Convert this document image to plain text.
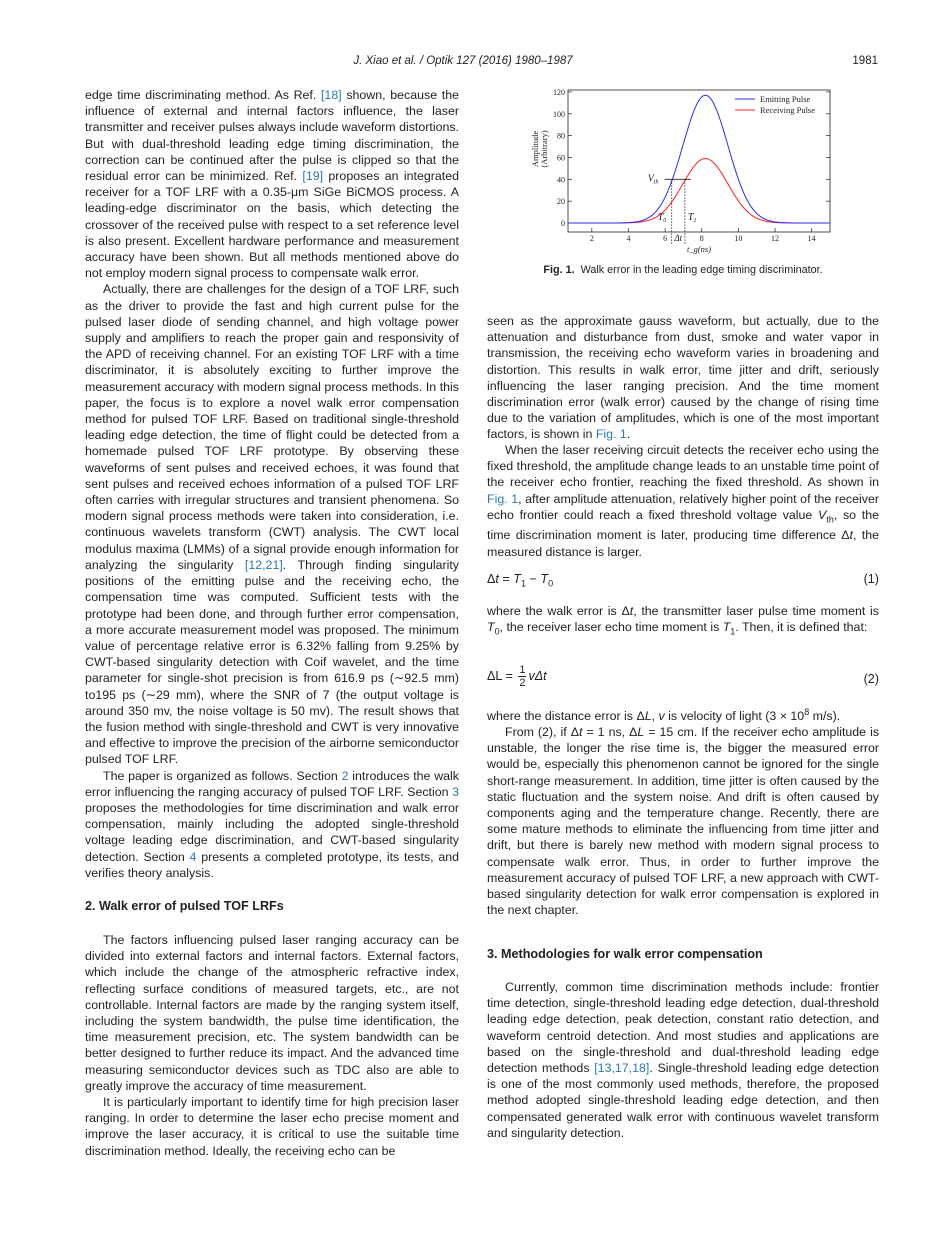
J. Xiao et al. / Optik 127 (2016) 1980–1987	1981

edge time discriminating method. As Ref. [18] shown, because the influence of external and internal factors influence, the laser transmitter and receiver pulses always include waveform distortions. But with dual-threshold leading edge timing discrimination, the correction can be continued after the pulse is clipped so that the residual error can be minimized. Ref. [19] proposes an integrated receiver for a TOF LRF with a 0.35-μm SiGe BiCMOS process. A leading-edge discriminator on the basis, which detecting the crossover of the received pulse with respect to a set reference level is also present. Excellent hardware performance and measurement accuracy have been shown. But all methods mentioned above do not employ modern signal process to compensate walk error.

Actually, there are challenges for the design of a TOF LRF, such as the driver to provide the fast and high current pulse for the pulsed laser diode of sending channel, and high voltage power supply and amplifiers to reach the proper gain and responsivity of the APD of receiving channel. For an existing TOF LRF with a time discriminator, it is absolutely exciting to further improve the measurement accuracy with modern signal process methods. In this paper, the focus is to explore a novel walk error compensation method for pulsed TOF LRF. Based on traditional single-threshold leading edge detection, the time of flight could be detected from a homemade pulsed TOF LRF prototype. By observing these waveforms of sent pulses and received echoes, it was found that sent pulses and received echoes information of a pulsed TOF LRF often carries with irregular structures and transient phenomena. So modern signal process methods were taken into consideration, i.e. continuous wavelets transform (CWT) analysis. The CWT local modulus maxima (LMMs) of a signal provide enough information for analyzing the singularity [12,21]. Through finding singularity positions of the emitting pulse and the receiving echo, the compensation time was computed. Sufficient tests with the prototype had been done, and through further error compensation, a more accurate measurement model was proposed. The minimum value of percentage relative error is 6.32% falling from 9.25% by CWT-based singularity detection with Coif wavelet, and the time parameter for single-shot precision is from 616.9 ps (∼92.5 mm) to195 ps (∼29 mm), where the SNR of 7 (the output voltage is around 350 mv, the noise voltage is 50 mv). The result shows that the fusion method with single-threshold and CWT is very innovative and effective to improve the precision of the airborne semiconductor pulsed TOF LRF.

The paper is organized as follows. Section 2 introduces the walk error influencing the ranging accuracy of pulsed TOF LRF. Section 3 proposes the methodologies for time discrimination and walk error compensation, mainly including the adopted single-threshold voltage leading edge discrimination, and CWT-based singularity detection. Section 4 presents a completed prototype, its tests, and verifies theory analysis.

2. Walk error of pulsed TOF LRFs

The factors influencing pulsed laser ranging accuracy can be divided into external factors and internal factors. External factors, which include the change of the atmospheric refractive index, reflecting surface conditions of measured targets, etc., are not controllable. Internal factors are made by the ranging system itself, including the system bandwidth, the pulse time identification, the time measurement precision, etc. The system bandwidth can be better designed to further reduce its impact. And the advanced time measuring semiconductor devices such as TDC also are able to greatly improve the accuracy of time measurement.

It is particularly important to identify time for high precision laser ranging. In order to determine the laser echo precise moment and improve the laser accuracy, it is critical to use the suitable time discrimination method. Ideally, the receiving echo can be

t_g(ns)
0
20
40
60
80
100
120
2	4	6	8	10	12	14
Amplitude(Arbitrary)
Emitting Pulse
Receiving Pulse
$V_{th}$
$T_0$ $T_1$
Δt
Fig. 1. Walk error in the leading edge timing discriminator.

seen as the approximate gauss waveform, but actually, due to the attenuation and disturbance from dust, smoke and water vapor in transmission, the receiving echo waveform varies in broadening and distortion. This results in walk error, time jitter and drift, seriously influencing the laser ranging precision. And the time moment discrimination error (walk error) caused by the change of rising time due to the variation of amplitudes, which is one of the most important factors, is shown in Fig. 1.

When the laser receiving circuit detects the receiver echo using the fixed threshold, the amplitude change leads to an unstable time point of the receiver echo frontier, reaching the fixed threshold. As shown in Fig. 1, after amplitude attenuation, relatively higher point of the receiver echo frontier could reach a fixed threshold voltage value $V_{th}$, so the time discrimination moment is later, producing time difference Δt, the measured distance is larger.

$\Delta t = T_1 - T_0$	(1)

where the walk error is Δt, the transmitter laser pulse time moment is $T_0$, the receiver laser echo time moment is $T_1$. Then, it is defined that:

$\Delta L = \frac{1}{2}$ vΔt	(2)

where the distance error is ΔL, v is velocity of light ($3 \times 10^8$ m/s).

From (2), if Δt = 1 ns, ΔL = 15 cm. If the receiver echo amplitude is unstable, the longer the rise time is, the bigger the measured error would be, especially this phenomenon cannot be ignored for the single short-range measurement. In addition, time jitter is often caused by the static fluctuation and the system noise. And drift is often caused by components aging and the temperature change. Recently, there are some mature methods to eliminate the influencing from time jitter and drift, but there is barely new method with modern signal process to compensate walk error. Thus, in order to further improve the measurement accuracy of pulsed TOF LRF, a new approach with CWT-based singularity detection for walk error compensation is explored in the next chapter.

3. Methodologies for walk error compensation

Currently, common time discrimination methods include: frontier time detection, single-threshold leading edge detection, dual-threshold leading edge detection, peak detection, constant ratio detection, and waveform centroid detection. And most studies and applications are based on the single-threshold and dual-threshold leading edge detection methods [13,17,18]. Single-threshold leading edge detection is one of the most commonly used methods, therefore, the proposed method adopted single-threshold leading edge detection, and then compensated generated walk error with continuous wavelet transform and singularity detection.
